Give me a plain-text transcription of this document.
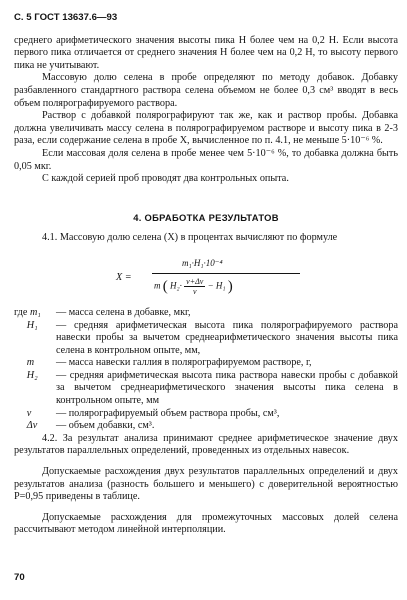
С. 5 ГОСТ 13637.6—93

среднего арифметического значения высоты пика H более чем на 0,2 H. Если высота первого пика отличается от среднего значения H более чем на 0,2 H, то высоту первого пика не учитывают.

Массовую долю селена в пробе определяют по методу добавок. Добавку разбавленного стандартного раствора селена объемом не более 0,3 см³ вводят в весь объем полярографируемого раствора.

Раствор с добавкой полярографируют так же, как и раствор пробы. Добавка должна увеличивать массу селена в полярографируемом растворе и высоту пика в 2-3 раза, если содержание селена в пробе X, вычисленное по п. 4.1, не меньше 5·10⁻⁶ %.

Если массовая доля селена в пробе менее чем 5·10⁻⁶ %, то добавка должна быть 0,05 мкг.

С каждой серией проб проводят два контрольных опыта.

4. ОБРАБОТКА РЕЗУЛЬТАТОВ

4.1. Массовую долю селена (X) в процентах вычисляют по формуле

X =
m₁·H₁·10⁻⁴
m ( $H_2\cdot \frac{v+\Delta v}{v} - H_1$ )
где m₁	— масса селена в добавке, мкг,
H₁	— средняя арифметическая высота пика полярографируемого раствора навески пробы за вычетом среднеарифметического значения высоты пика селена в контрольном опыте, мм,
m	— масса навески галлия в полярографируемом растворе, г,
H₂	— средняя арифметическая высота пика раствора навески пробы с добавкой за вычетом среднеарифметического значения высоты пика селена в контрольном опыте, мм
v	— полярографируемый объем раствора пробы, см³,
Δv	— объем добавки, см³.

4.2. За результат анализа принимают среднее арифметическое значение двух результатов параллельных определений, проведенных из отдельных навесок.

Допускаемые расхождения двух результатов параллельных определений и двух результатов анализа (разность большего и меньшего) с доверительной вероятностью P=0,95 приведены в таблице.

Допускаемые расхождения для промежуточных массовых долей селена рассчитывают методом линейной интерполяции.

70
